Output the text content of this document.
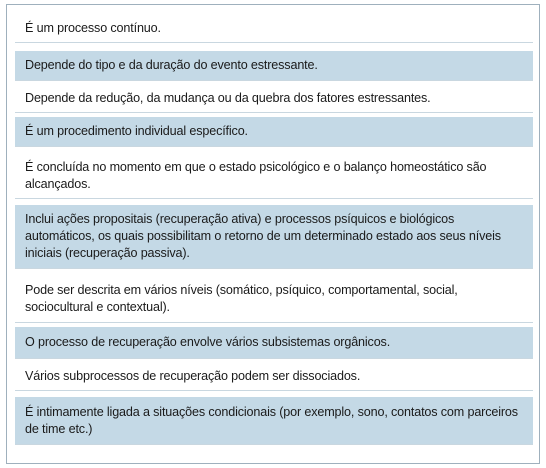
É um processo contínuo.
Depende do tipo e da duração do evento estressante.
Depende da redução, da mudança ou da quebra dos fatores estressantes.
É um procedimento individual específico.
É concluída no momento em que o estado psicológico e o balanço homeostático são alcançados.
Inclui ações propositais (recuperação ativa) e processos psíquicos e biológicos automáticos, os quais possibilitam o retorno de um determinado estado aos seus níveis iniciais (recuperação passiva).
Pode ser descrita em vários níveis (somático, psíquico, comportamental, social, sociocultural e contextual).
O processo de recuperação envolve vários subsistemas orgânicos.
Vários subprocessos de recuperação podem ser dissociados.
É intimamente ligada a situações condicionais (por exemplo, sono, contatos com parceiros de time etc.)
